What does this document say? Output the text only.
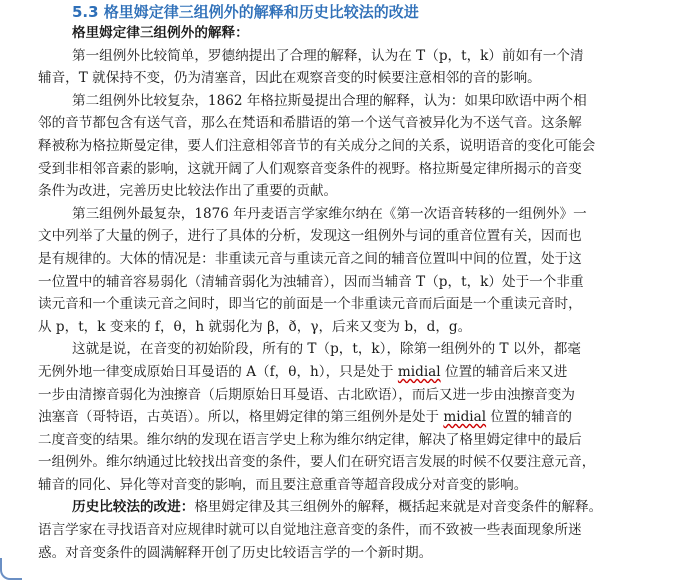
5.3 格里姆定律三组例外的解释和历史比较法的改进
格里姆定律三组例外的解释：
第一组例外比较简单，罗德纳提出了合理的解释，认为在 T（p，t，k）前如有一个清
辅音，T 就保持不变，仍为清塞音，因此在观察音变的时候要注意相邻的音的影响。
第二组例外比较复杂，1862 年格拉斯曼提出合理的解释，认为：如果印欧语中两个相
邻的音节都包含有送气音，那么在梵语和希腊语的第一个送气音被异化为不送气音。这条解
释被称为格拉斯曼定律，要人们注意相邻音节的有关成分之间的关系，说明语音的变化可能会
受到非相邻音素的影响，这就开阔了人们观察音变条件的视野。格拉斯曼定律所揭示的音变
条件为改进，完善历史比较法作出了重要的贡献。
第三组例外最复杂，1876 年丹麦语言学家维尔纳在《第一次语音转移的一组例外》一
文中列举了大量的例子，进行了具体的分析，发现这一组例外与词的重音位置有关，因而也
是有规律的。大体的情况是：非重读元音与重读元音之间的辅音位置叫中间的位置，处于这
一位置中的辅音容易弱化（清辅音弱化为浊辅音），因而当辅音 T（p，t，k）处于一个非重
读元音和一个重读元音之间时，即当它的前面是一个非重读元音而后面是一个重读元音时，
从 p，t，k 变来的 f，θ，h 就弱化为 β，ð，γ，后来又变为 b，d，g。
这就是说，在音变的初始阶段，所有的 T（p，t，k），除第一组例外的 T 以外，都毫
无例外地一律变成原始日耳曼语的 A（f，θ，h），只是处于 midial 位置的辅音后来又进
一步由清擦音弱化为浊擦音（后期原始日耳曼语、古北欧语），而后又进一步由浊擦音变为
浊塞音（哥特语，古英语）。所以，格里姆定律的第三组例外是处于 midial 位置的辅音的
二度音变的结果。维尔纳的发现在语言学史上称为维尔纳定律，解决了格里姆定律中的最后
一组例外。维尔纳通过比较找出音变的条件，要人们在研究语言发展的时候不仅要注意元音，
辅音的同化、异化等对音变的影响，而且要注意重音等超音段成分对音变的影响。
历史比较法的改进：格里姆定律及其三组例外的解释，概括起来就是对音变条件的解释。
语言学家在寻找语音对应规律时就可以自觉地注意音变的条件，而不致被一些表面现象所迷
惑。对音变条件的圆满解释开创了历史比较语言学的一个新时期。
